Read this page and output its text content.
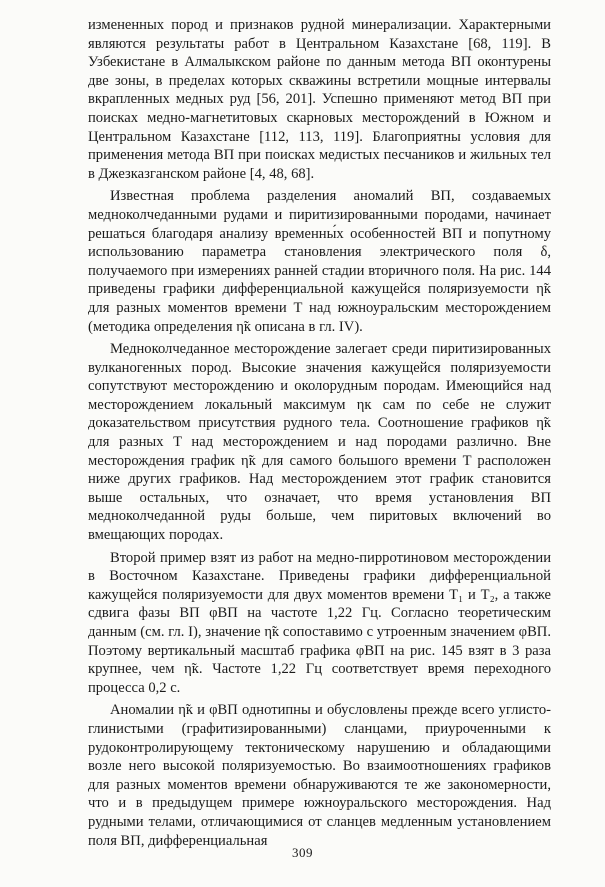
измененных пород и признаков рудной минерализации. Характерными являются результаты работ в Центральном Казахстане [68, 119]. В Узбекистане в Алмалыкском районе по данным метода ВП оконтурены две зоны, в пределах которых скважины встретили мощные интервалы вкрапленных медных руд [56, 201]. Успешно применяют метод ВП при поисках медно-магнетитовых скарновых месторождений в Южном и Центральном Казахстане [112, 113, 119]. Благоприятны условия для применения метода ВП при поисках медистых песчаников и жильных тел в Джезказганском районе [4, 48, 68].

Известная проблема разделения аномалий ВП, создаваемых медноколчеданными рудами и пиритизированными породами, начинает решаться благодаря анализу временны́х особенностей ВП и попутному использованию параметра становления электрического поля δ, получаемого при измерениях ранней стадии вторичного поля. На рис. 144 приведены графики дифференциальной кажущейся поляризуемости η̃к для разных моментов времени T над южноуральским месторождением (методика определения η̃к описана в гл. IV).

Медноколчеданное месторождение залегает среди пиритизированных вулканогенных пород. Высокие значения кажущейся поляризуемости сопутствуют месторождению и околорудным породам. Имеющийся над месторождением локальный максимум ηк сам по себе не служит доказательством присутствия рудного тела. Соотношение графиков η̃к для разных T над месторождением и над породами различно. Вне месторождения график η̃к для самого большого времени T расположен ниже других графиков. Над месторождением этот график становится выше остальных, что означает, что время установления ВП медноколчеданной руды больше, чем пиритовых включений во вмещающих породах.

Второй пример взят из работ на медно-пирротиновом месторождении в Восточном Казахстане. Приведены графики дифференциальной кажущейся поляризуемости для двух моментов времени T₁ и T₂, а также сдвига фазы ВП φВП на частоте 1,22 Гц. Согласно теоретическим данным (см. гл. I), значение η̃к сопоставимо с утроенным значением φВП. Поэтому вертикальный масштаб графика φВП на рис. 145 взят в 3 раза крупнее, чем η̃к. Частоте 1,22 Гц соответствует время переходного процесса 0,2 с.

Аномалии η̃к и φВП однотипны и обусловлены прежде всего углисто-глинистыми (графитизированными) сланцами, приуроченными к рудоконтролирующему тектоническому нарушению и обладающими возле него высокой поляризуемостью. Во взаимоотношениях графиков для разных моментов времени обнаруживаются те же закономерности, что и в предыдущем примере южноуральского месторождения. Над рудными телами, отличающимися от сланцев медленным установлением поля ВП, дифференциальная

309
